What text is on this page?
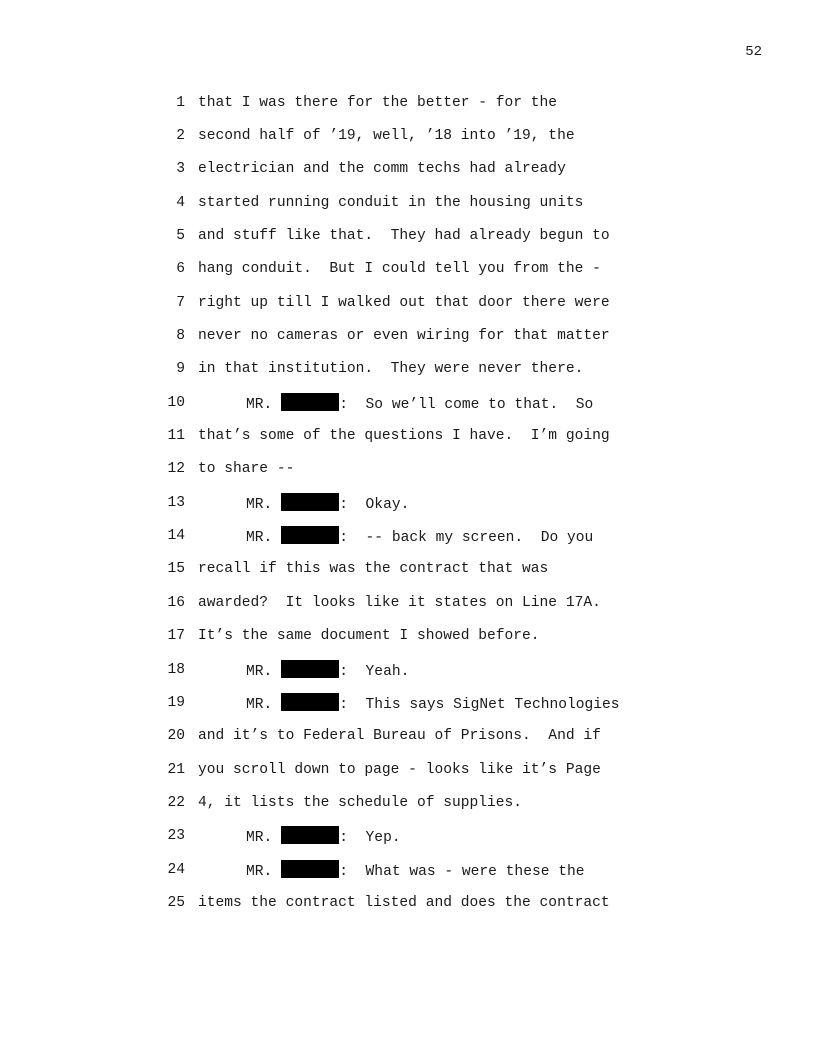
52
1 that I was there for the better - for the
2 second half of ’19, well, ’18 into ’19, the
3 electrician and the comm techs had already
4 started running conduit in the housing units
5 and stuff like that.  They had already begun to
6 hang conduit.  But I could tell you from the -
7 right up till I walked out that door there were
8 never no cameras or even wiring for that matter
9 in that institution.  They were never there.
10	MR.	:  So we’ll come to that.  So
11 that’s some of the questions I have.  I’m going
12 to share --
13	MR.	:  Okay.
14	MR.	:  -- back my screen.  Do you
15 recall if this was the contract that was
16 awarded?  It looks like it states on Line 17A.
17 It’s the same document I showed before.
18	MR.	:  Yeah.
19	MR.	:  This says SigNet Technologies
20 and it’s to Federal Bureau of Prisons.  And if
21 you scroll down to page - looks like it’s Page
22 4, it lists the schedule of supplies.
23	MR.	:  Yep.
24	MR.	:  What was - were these the
25 items the contract listed and does the contract
